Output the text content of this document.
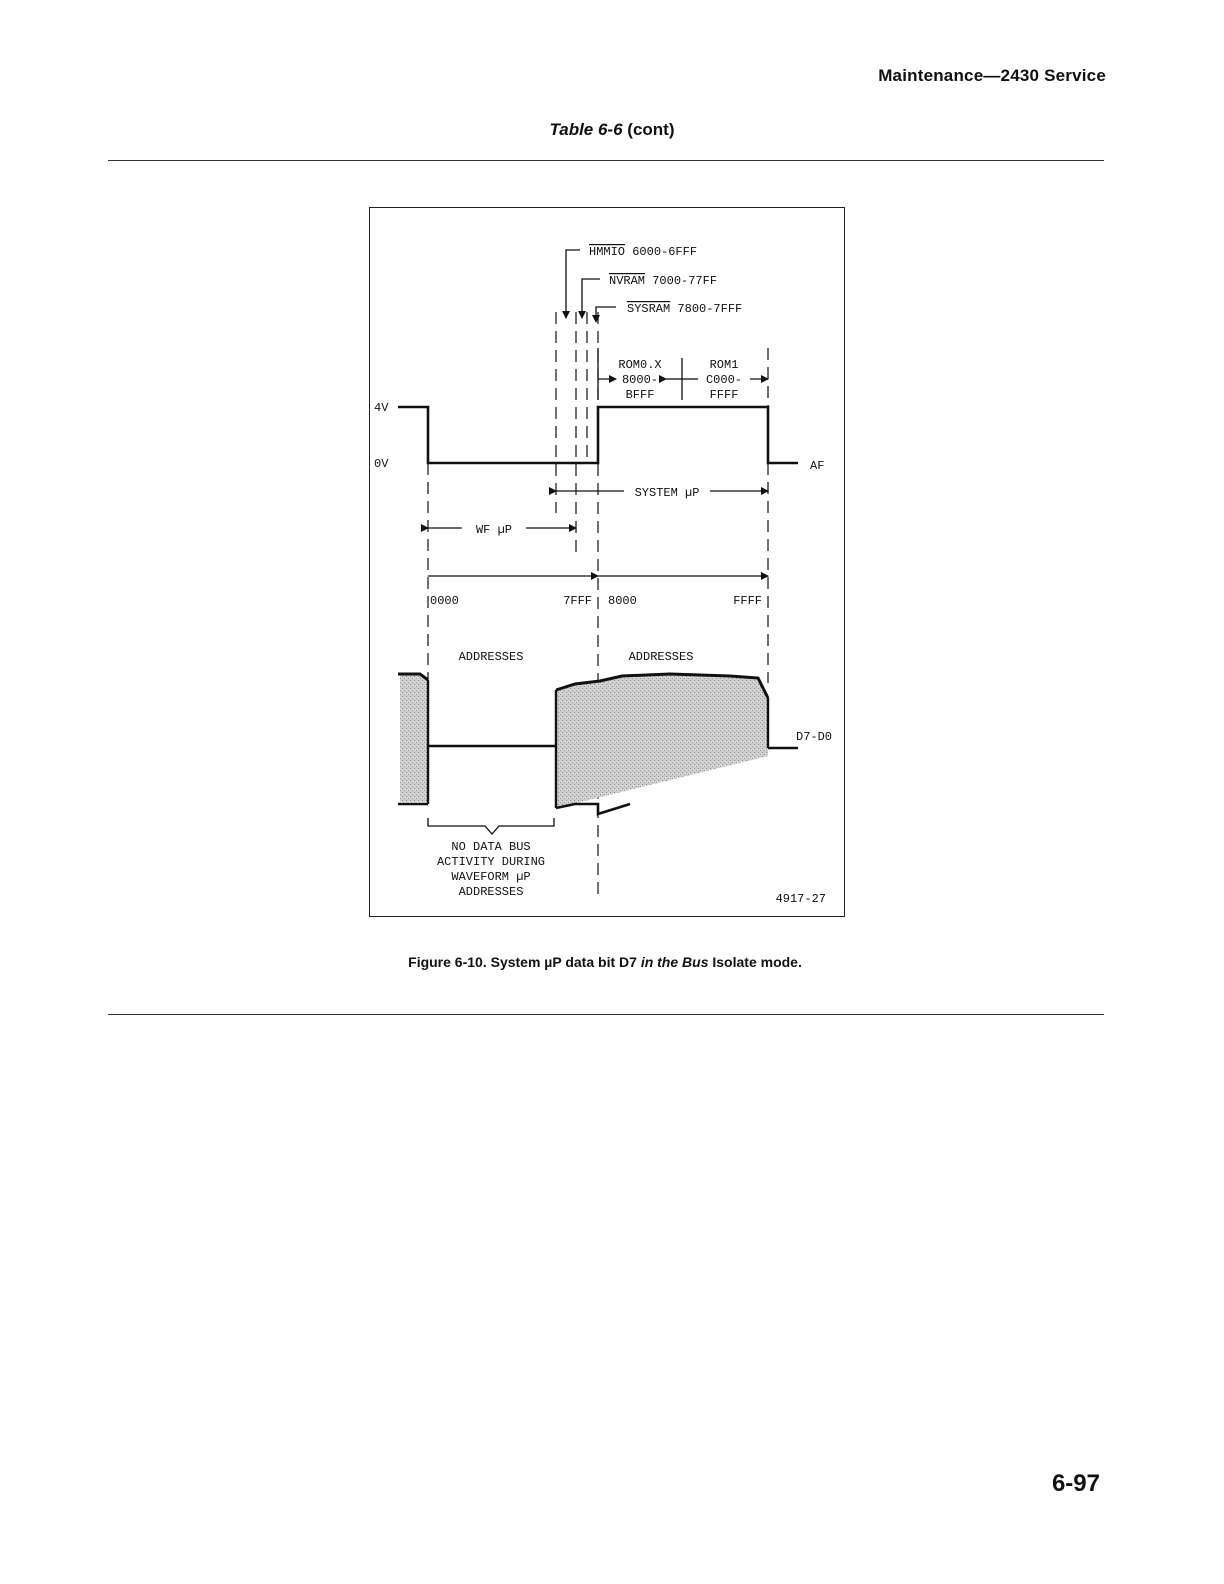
Maintenance—2430 Service
Table 6-6 (cont)
HMMIO 6000-6FFF
NVRAM 7000-77FF
SYSRAM 7800-7FFF
ROM0.X
8000-
BFFF
ROM1
C000-
FFFF
4V
0V	AF
SYSTEM µP
WF µP
0000	7FFF 8000	FFFF
ADDRESSES	ADDRESSES
D7-D0
NO DATA BUS
ACTIVITY DURING
WAVEFORM µP
ADDRESSES	4917-27
Figure 6-10. System µP data bit D7 in the Bus Isolate mode.
6-97
